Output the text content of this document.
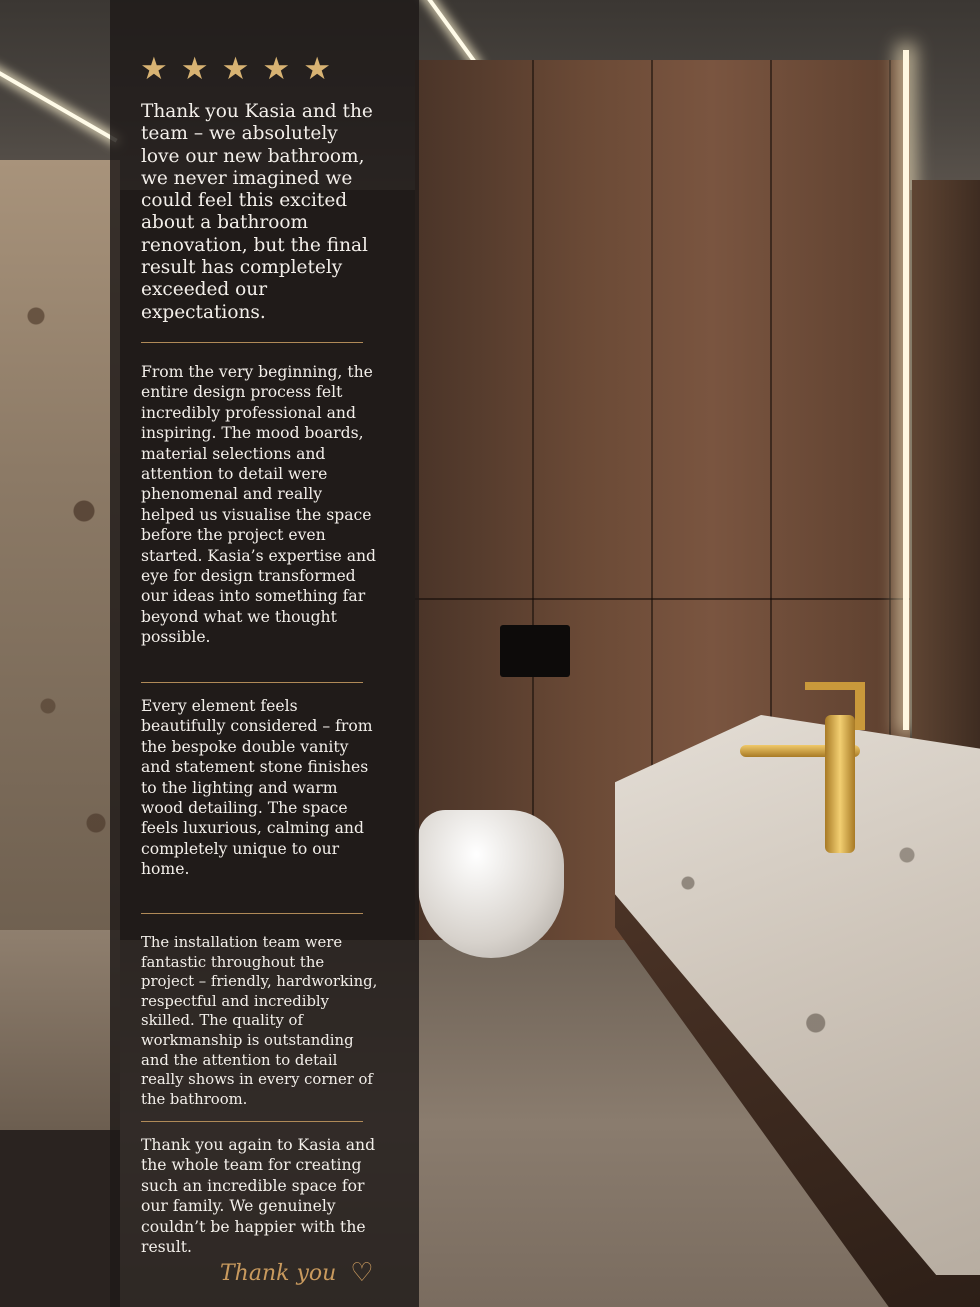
★ ★ ★ ★ ★
Thank you Kasia and the team – we absolutely love our new bathroom, we never imagined we could feel this excited about a bathroom renovation, but the final result has completely exceeded our expectations.
From the very beginning, the entire design process felt incredibly professional and inspiring. The mood boards, material selections and attention to detail were phenomenal and really helped us visualise the space before the project even started. Kasia’s expertise and eye for design transformed our ideas into something far beyond what we thought possible.
Every element feels beautifully considered – from the bespoke double vanity and statement stone finishes to the lighting and warm wood detailing. The space feels luxurious, calming and completely unique to our home.
The installation team were fantastic throughout the project – friendly, hardworking, respectful and incredibly skilled. The quality of workmanship is outstanding and the attention to detail really shows in every corner of the bathroom.
Thank you again to Kasia and the whole team for creating such an incredible space for our family. We genuinely couldn’t be happier with the result.
Thank you ♡
